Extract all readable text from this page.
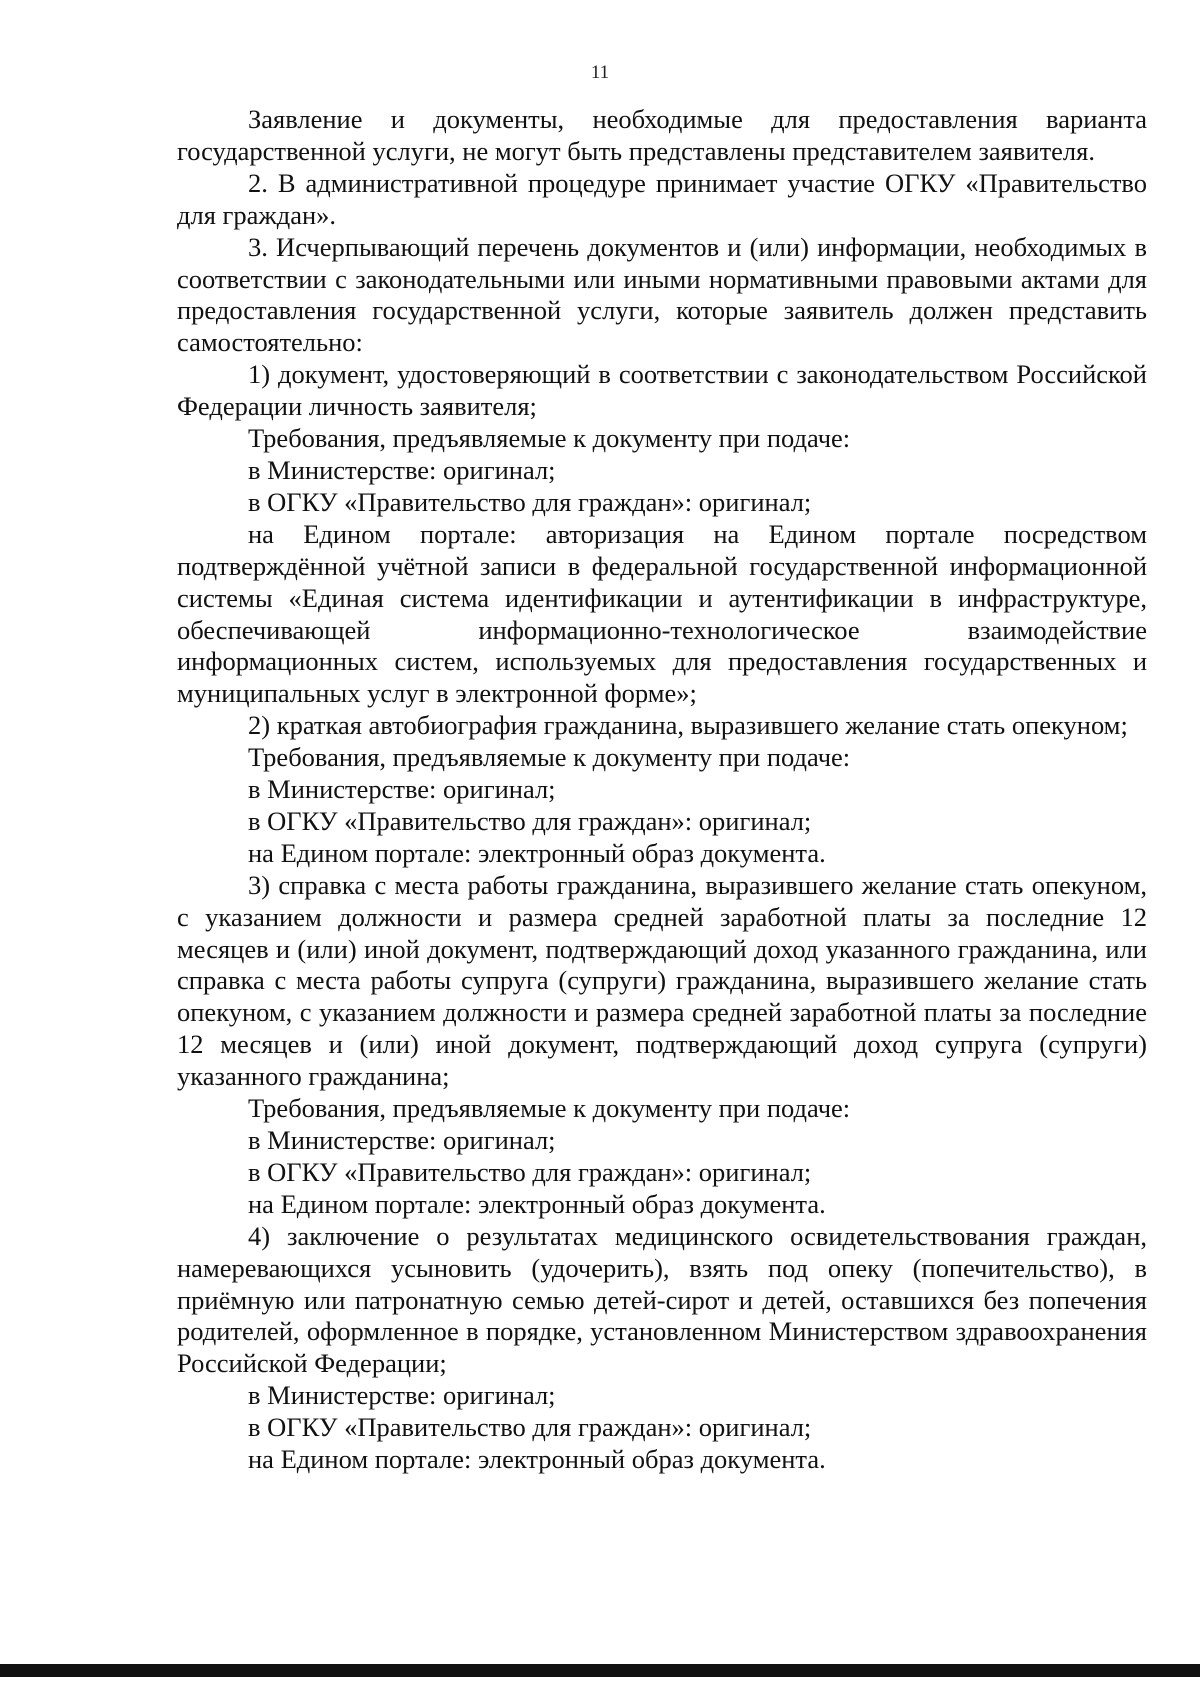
11

Заявление и документы, необходимые для предоставления варианта государственной услуги, не могут быть представлены представителем заявителя.

2. В административной процедуре принимает участие ОГКУ «Правительство для граждан».

3. Исчерпывающий перечень документов и (или) информации, необходимых в соответствии с законодательными или иными нормативными правовыми актами для предоставления государственной услуги, которые заявитель должен представить самостоятельно:

1) документ, удостоверяющий в соответствии с законодательством Российской Федерации личность заявителя;

Требования, предъявляемые к документу при подаче:

в Министерстве: оригинал;

в ОГКУ «Правительство для граждан»: оригинал;

на Едином портале: авторизация на Едином портале посредством подтверждённой учётной записи в федеральной государственной информационной системы «Единая система идентификации и аутентификации в инфраструктуре, обеспечивающей информационно-технологическое взаимодействие информационных систем, используемых для предоставления государственных и муниципальных услуг в электронной форме»;

2) краткая автобиография гражданина, выразившего желание стать опекуном;

Требования, предъявляемые к документу при подаче:

в Министерстве: оригинал;

в ОГКУ «Правительство для граждан»: оригинал;

на Едином портале: электронный образ документа.

3) справка с места работы гражданина, выразившего желание стать опекуном, с указанием должности и размера средней заработной платы за последние 12 месяцев и (или) иной документ, подтверждающий доход указанного гражданина, или справка с места работы супруга (супруги) гражданина, выразившего желание стать опекуном, с указанием должности и размера средней заработной платы за последние 12 месяцев и (или) иной документ, подтверждающий доход супруга (супруги) указанного гражданина;

Требования, предъявляемые к документу при подаче:

в Министерстве: оригинал;

в ОГКУ «Правительство для граждан»: оригинал;

на Едином портале: электронный образ документа.

4) заключение о результатах медицинского освидетельствования граждан, намеревающихся усыновить (удочерить), взять под опеку (попечительство), в приёмную или патронатную семью детей-сирот и детей, оставшихся без попечения родителей, оформленное в порядке, установленном Министерством здравоохранения Российской Федерации;

в Министерстве: оригинал;

в ОГКУ «Правительство для граждан»: оригинал;

на Едином портале: электронный образ документа.
